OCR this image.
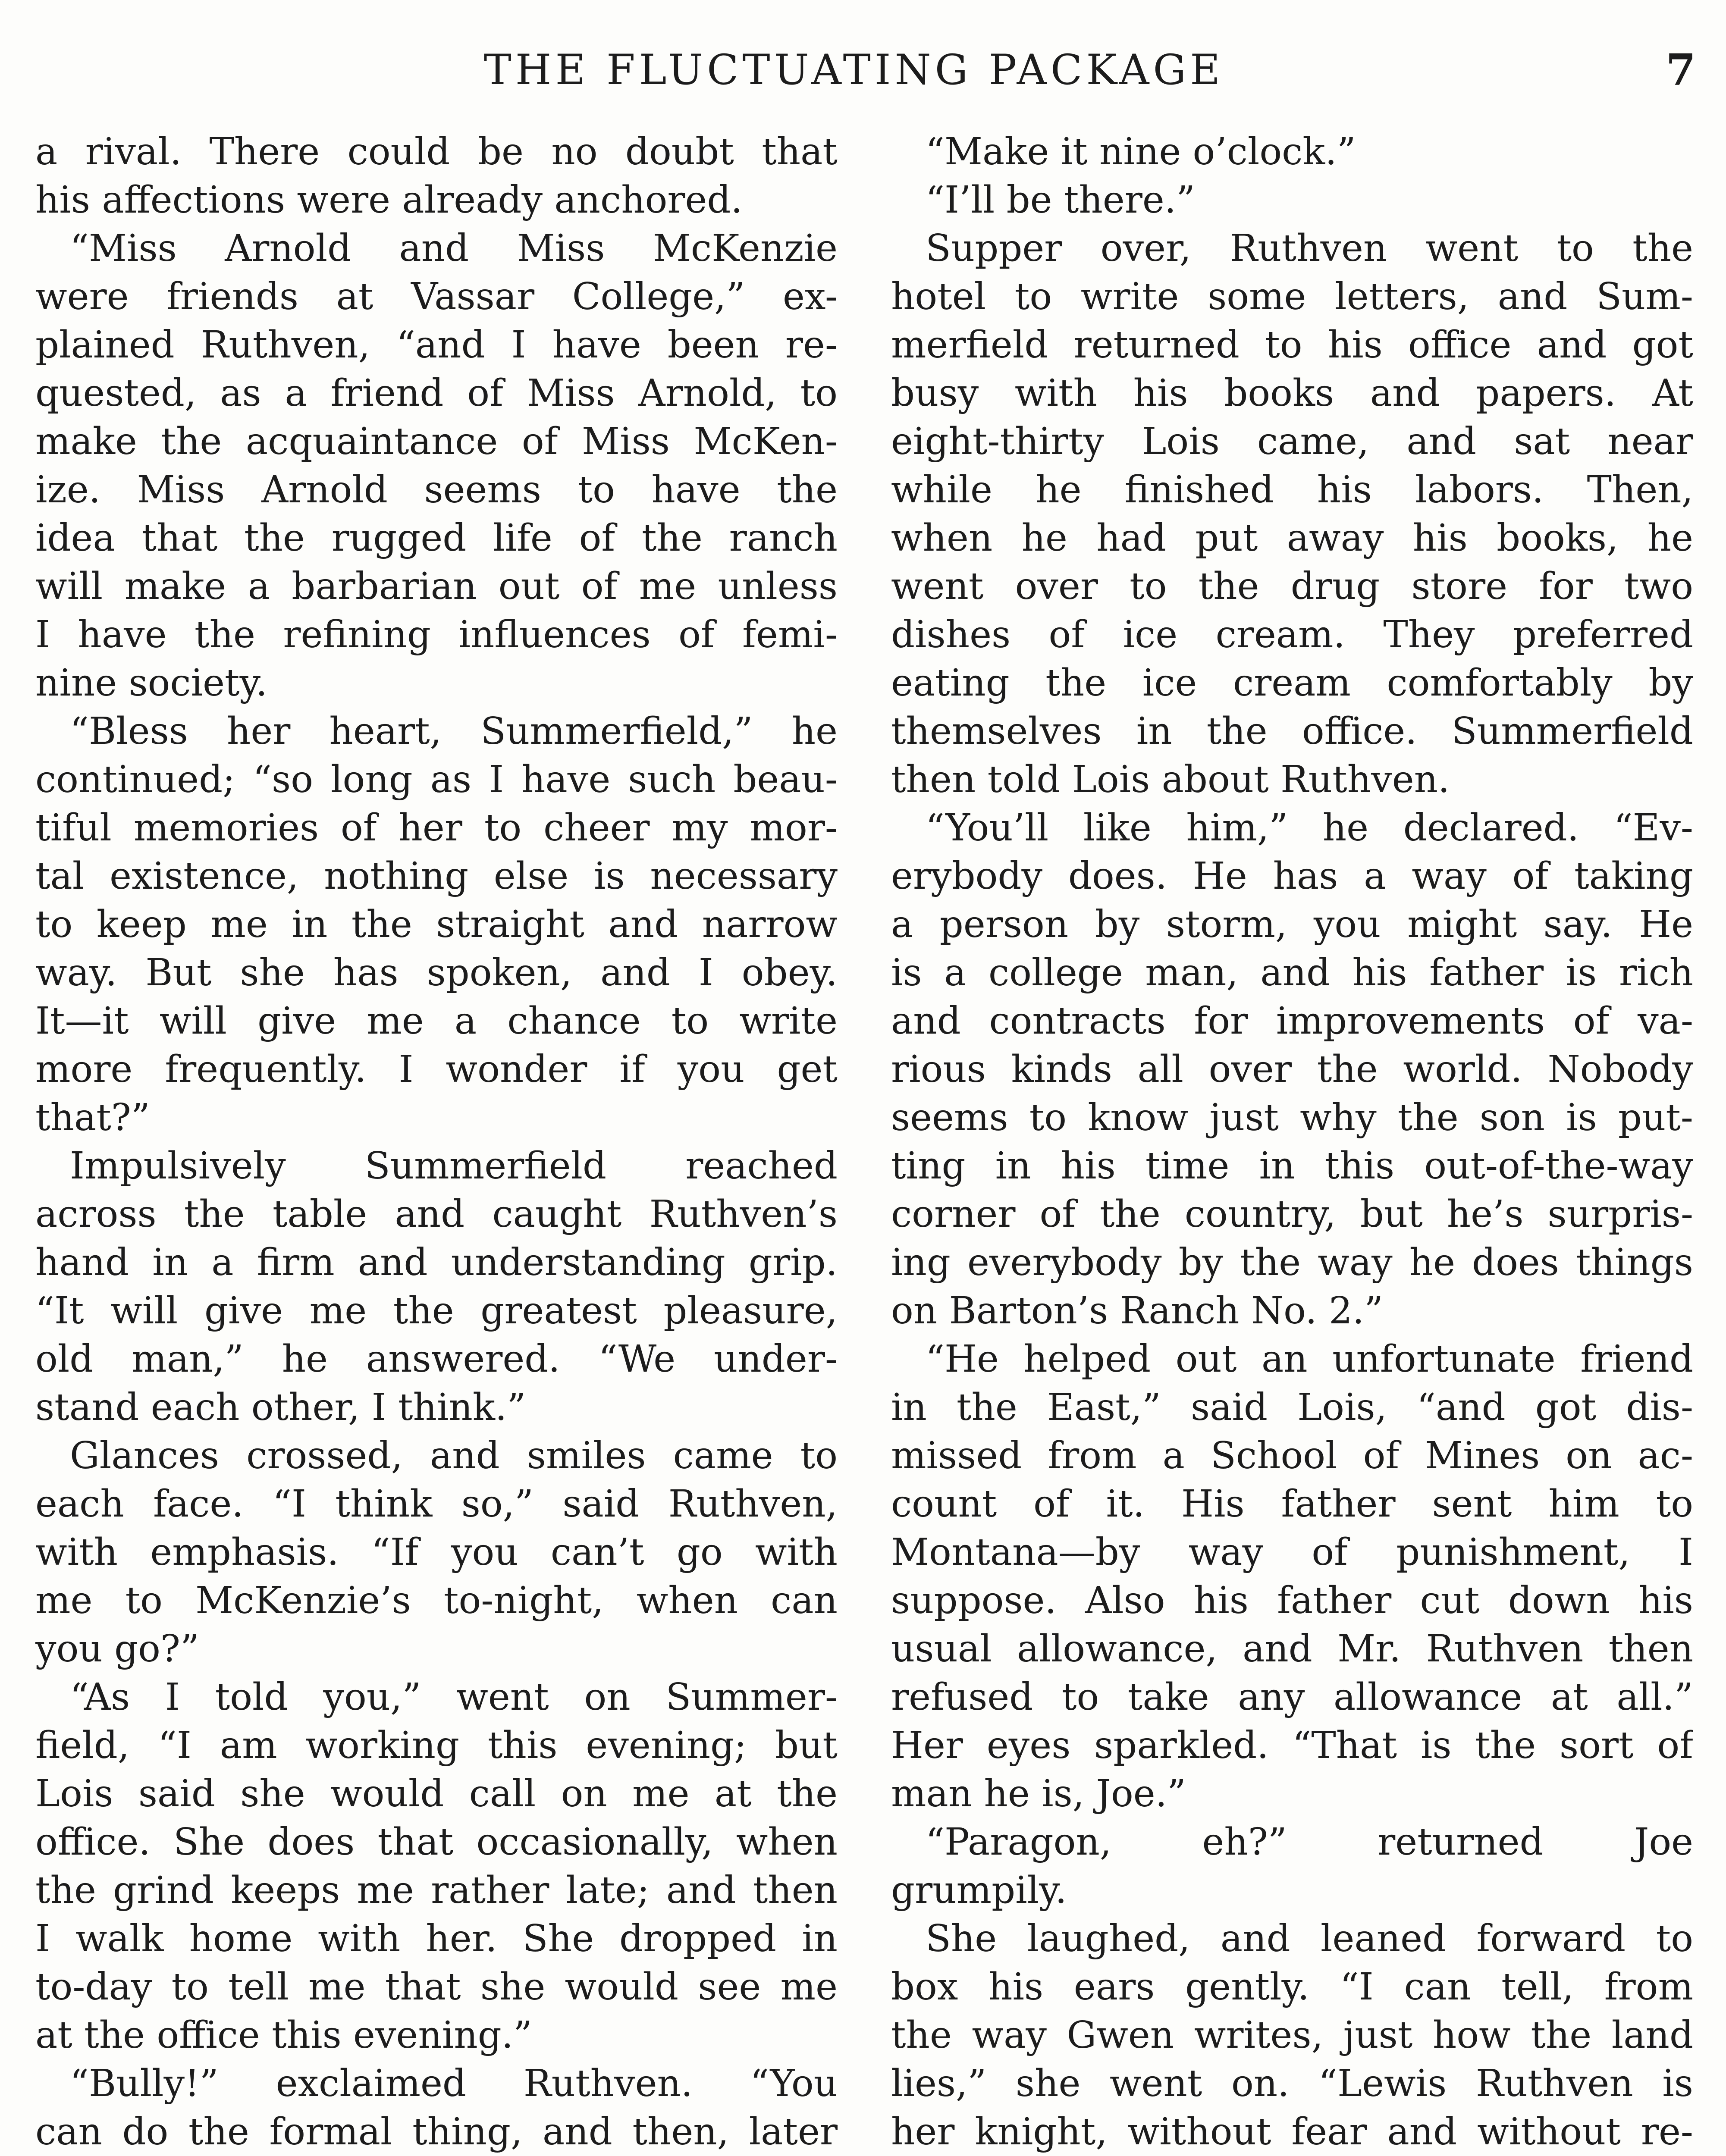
THE FLUCTUATING PACKAGE	7
a rival. There could be no doubt that
his affections were already anchored.
“Miss Arnold and Miss McKenzie
were friends at Vassar College,” ex-
plained Ruthven, “and I have been re-
quested, as a friend of Miss Arnold, to
make the acquaintance of Miss McKen-
ize. Miss Arnold seems to have the
idea that the rugged life of the ranch
will make a barbarian out of me unless
I have the refining influences of femi-
nine society.
“Bless her heart, Summerfield,” he
continued; “so long as I have such beau-
tiful memories of her to cheer my mor-
tal existence, nothing else is necessary
to keep me in the straight and narrow
way. But she has spoken, and I obey.
It—it will give me a chance to write
more frequently. I wonder if you get
that?”
Impulsively Summerfield reached
across the table and caught Ruthven’s
hand in a firm and understanding grip.
“It will give me the greatest pleasure,
old man,” he answered. “We under-
stand each other, I think.”
Glances crossed, and smiles came to
each face. “I think so,” said Ruthven,
with emphasis. “If you can’t go with
me to McKenzie’s to-night, when can
you go?”
“As I told you,” went on Summer-
field, “I am working this evening; but
Lois said she would call on me at the
office. She does that occasionally, when
the grind keeps me rather late; and then
I walk home with her. She dropped in
to-day to tell me that she would see me
at the office this evening.”
“Bully!” exclaimed Ruthven. “You
can do the formal thing, and then, later
“Make it nine o’clock.”
“I’ll be there.”
Supper over, Ruthven went to the
hotel to write some letters, and Sum-
merfield returned to his office and got
busy with his books and papers. At
eight-thirty Lois came, and sat near
while he finished his labors. Then,
when he had put away his books, he
went over to the drug store for two
dishes of ice cream. They preferred
eating the ice cream comfortably by
themselves in the office. Summerfield
then told Lois about Ruthven.
“You’ll like him,” he declared. “Ev-
erybody does. He has a way of taking
a person by storm, you might say. He
is a college man, and his father is rich
and contracts for improvements of va-
rious kinds all over the world. Nobody
seems to know just why the son is put-
ting in his time in this out-of-the-way
corner of the country, but he’s surpris-
ing everybody by the way he does things
on Barton’s Ranch No. 2.”
“He helped out an unfortunate friend
in the East,” said Lois, “and got dis-
missed from a School of Mines on ac-
count of it. His father sent him to
Montana—by way of punishment, I
suppose. Also his father cut down his
usual allowance, and Mr. Ruthven then
refused to take any allowance at all.”
Her eyes sparkled. “That is the sort of
man he is, Joe.”
“Paragon, eh?” returned Joe
grumpily.
She laughed, and leaned forward to
box his ears gently. “I can tell, from
the way Gwen writes, just how the land
lies,” she went on. “Lewis Ruthven is
her knight, without fear and without re-
